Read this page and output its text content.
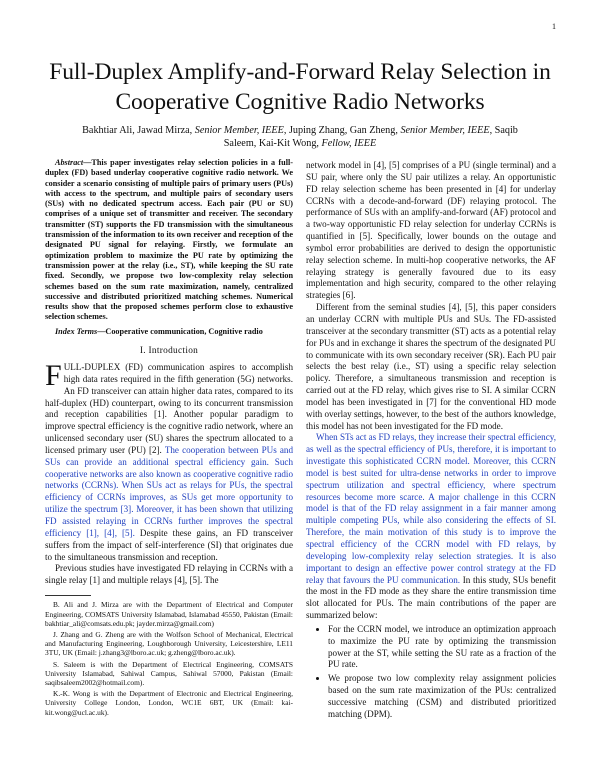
1
Full-Duplex Amplify-and-Forward Relay Selection in Cooperative Cognitive Radio Networks
Bakhtiar Ali, Jawad Mirza, Senior Member, IEEE, Juping Zhang, Gan Zheng, Senior Member, IEEE, Saqib
Saleem, Kai-Kit Wong, Fellow, IEEE

Abstract—This paper investigates relay selection policies in a full-duplex (FD) based underlay cooperative cognitive radio network. We consider a scenario consisting of multiple pairs of primary users (PUs) with access to the spectrum, and multiple pairs of secondary users (SUs) with no dedicated spectrum access. Each pair (PU or SU) comprises of a unique set of transmitter and receiver. The secondary transmitter (ST) supports the FD transmission with the simultaneous transmission of the information to its own receiver and reception of the designated PU signal for relaying. Firstly, we formulate an optimization problem to maximize the PU rate by optimizing the transmission power at the relay (i.e., ST), while keeping the SU rate fixed. Secondly, we propose two low-complexity relay selection schemes based on the sum rate maximization, namely, centralized successive and distributed prioritized matching schemes. Numerical results show that the proposed schemes perform close to exhaustive selection schemes.

Index Terms—Cooperative communication, Cognitive radio

I. Introduction

FULL-DUPLEX (FD) communication aspires to accomplish high data rates required in the fifth generation (5G) networks. An FD transceiver can attain higher data rates, compared to its half-duplex (HD) counterpart, owing to its concurrent transmission and reception capabilities [1]. Another popular paradigm to improve spectral efficiency is the cognitive radio network, where an unlicensed secondary user (SU) shares the spectrum allocated to a licensed primary user (PU) [2]. The cooperation between PUs and SUs can provide an additional spectral efficiency gain. Such cooperative networks are also known as cooperative cognitive radio networks (CCRNs). When SUs act as relays for PUs, the spectral efficiency of CCRNs improves, as SUs get more opportunity to utilize the spectrum [3]. Moreover, it has been shown that utilizing FD assisted relaying in CCRNs further improves the spectral efficiency [1], [4], [5]. Despite these gains, an FD transceiver suffers from the impact of self-interference (SI) that originates due to the simultaneous transmission and reception.

Previous studies have investigated FD relaying in CCRNs with a single relay [1] and multiple relays [4], [5]. The

B. Ali and J. Mirza are with the Department of Electrical and Computer Engineering, COMSATS University Islamabad, Islamabad 45550, Pakistan (Email: bakhtiar_ali@comsats.edu.pk; jayder.mirza@gmail.com)

J. Zhang and G. Zheng are with the Wolfson School of Mechanical, Electrical and Manufacturing Engineering, Loughborough University, Leicestershire, LE11 3TU, UK (Email: j.zhang3@lboro.ac.uk; g.zheng@lboro.ac.uk).

S. Saleem is with the Department of Electrical Engineering, COMSATS University Islamabad, Sahiwal Campus, Sahiwal 57000, Pakistan (Email: saqibsaleem2002@hotmail.com).

K.-K. Wong is with the Department of Electronic and Electrical Engineering, University College London, London, WC1E 6BT, UK (Email: kai-kit.wong@ucl.ac.uk).

network model in [4], [5] comprises of a PU (single terminal) and a SU pair, where only the SU pair utilizes a relay. An opportunistic FD relay selection scheme has been presented in [4] for underlay CCRNs with a decode-and-forward (DF) relaying protocol. The performance of SUs with an amplify-and-forward (AF) protocol and a two-way opportunistic FD relay selection for underlay CCRNs is quantified in [5]. Specifically, lower bounds on the outage and symbol error probabilities are derived to design the opportunistic relay selection scheme. In multi-hop cooperative networks, the AF relaying strategy is generally favoured due to its easy implementation and high security, compared to the other relaying strategies [6].

Different from the seminal studies [4], [5], this paper considers an underlay CCRN with multiple PUs and SUs. The FD-assisted transceiver at the secondary transmitter (ST) acts as a potential relay for PUs and in exchange it shares the spectrum of the designated PU to communicate with its own secondary receiver (SR). Each PU pair selects the best relay (i.e., ST) using a specific relay selection policy. Therefore, a simultaneous transmission and reception is carried out at the FD relay, which gives rise to SI. A similar CCRN model has been investigated in [7] for the conventional HD mode with overlay settings, however, to the best of the authors knowledge, this model has not been investigated for the FD mode.

When STs act as FD relays, they increase their spectral efficiency, as well as the spectral efficiency of PUs, therefore, it is important to investigate this sophisticated CCRN model. Moreover, this CCRN model is best suited for ultra-dense networks in order to improve spectrum utilization and spectral efficiency, where spectrum resources become more scarce. A major challenge in this CCRN model is that of the FD relay assignment in a fair manner among multiple competing PUs, while also considering the effects of SI. Therefore, the main motivation of this study is to improve the spectral efficiency of the CCRN model with FD relays, by developing low-complexity relay selection strategies. It is also important to design an effective power control strategy at the FD relay that favours the PU communication. In this study, SUs benefit the most in the FD mode as they share the entire transmission time slot allocated for PUs. The main contributions of the paper are summarized below:

• For the CCRN model, we introduce an optimization approach to maximize the PU rate by optimizing the transmission power at the ST, while setting the SU rate as a fraction of the PU rate.
• We propose two low complexity relay assignment policies based on the sum rate maximization of the PUs: centralized successive matching (CSM) and distributed prioritized matching (DPM).
